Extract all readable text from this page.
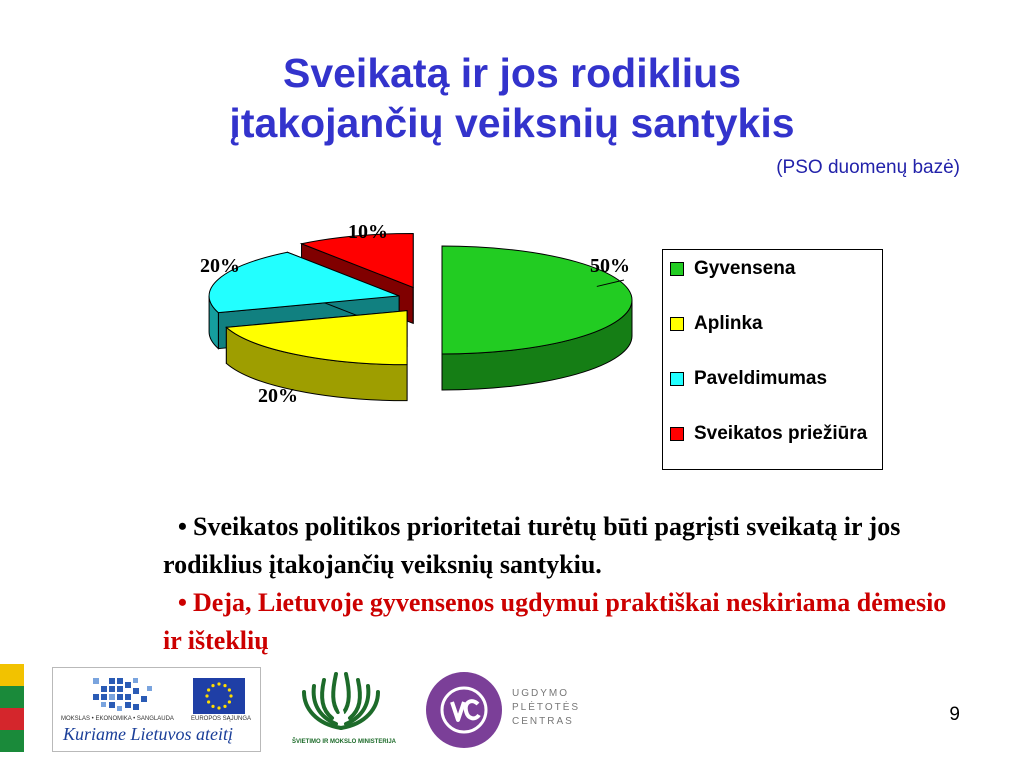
Sveikatą ir jos rodiklius
įtakojančių veiksnių santykis
(PSO duomenų bazė)
50%
20%
20%
10%
Gyvensena
Aplinka
Paveldimumas
Sveikatos priežiūra
• Sveikatos politikos prioritetai turėtų būti pagrįsti sveikatą ir jos rodiklius įtakojančių veiksnių santykiu.
• Deja, Lietuvoje gyvensenos ugdymui praktiškai neskiriama dėmesio ir išteklių
MOKSLAS • EKONOMIKA • SANGLAUDA	EUROPOS SĄJUNGA
Kuriame Lietuvos ateitį	ŠVIETIMO IR MOKSLO MINISTERIJA
UGDYMO
PLĖTOTĖS
CENTRAS	9
